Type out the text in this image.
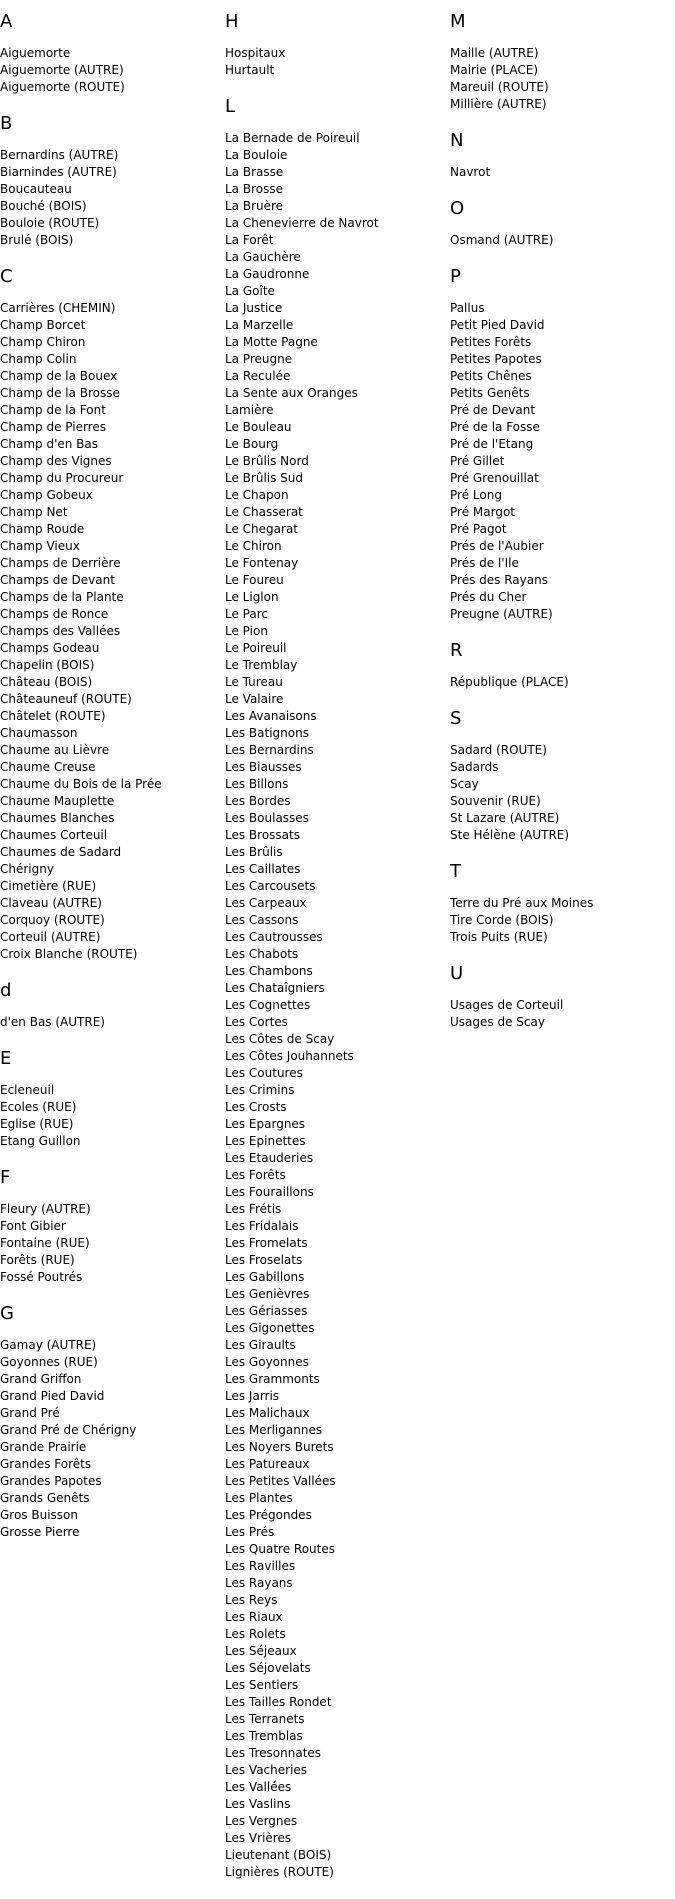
A
Aiguemorte
Aiguemorte (AUTRE)
Aiguemorte (ROUTE)
B
Bernardins (AUTRE)
Biarnindes (AUTRE)
Boucauteau
Bouché (BOIS)
Bouloie (ROUTE)
Brulé (BOIS)
C
Carrières (CHEMIN)
Champ Borcet
Champ Chiron
Champ Colin
Champ de la Bouex
Champ de la Brosse
Champ de la Font
Champ de Pierres
Champ d'en Bas
Champ des Vignes
Champ du Procureur
Champ Gobeux
Champ Net
Champ Roude
Champ Vieux
Champs de Derrière
Champs de Devant
Champs de la Plante
Champs de Ronce
Champs des Vallées
Champs Godeau
Chapelin (BOIS)
Château (BOIS)
Châteauneuf (ROUTE)
Châtelet (ROUTE)
Chaumasson
Chaume au Lièvre
Chaume Creuse
Chaume du Bois de la Prée
Chaume Mauplette
Chaumes Blanches
Chaumes Corteuil
Chaumes de Sadard
Chérigny
Cimetière (RUE)
Claveau (AUTRE)
Corquoy (ROUTE)
Corteuil (AUTRE)
Croix Blanche (ROUTE)
d
d'en Bas (AUTRE)
E
Ecleneuil
Ecoles (RUE)
Eglise (RUE)
Etang Guillon
F
Fleury (AUTRE)
Font Gibier
Fontaine (RUE)
Forêts (RUE)
Fossé Poutrés
G
Gamay (AUTRE)
Goyonnes (RUE)
Grand Griffon
Grand Pied David
Grand Pré
Grand Pré de Chérigny
Grande Prairie
Grandes Forêts
Grandes Papotes
Grands Genêts
Gros Buisson
Grosse Pierre
H
Hospitaux
Hurtault
L
La Bernade de Poireuil
La Bouloie
La Brasse
La Brosse
La Bruère
La Chenevierre de Navrot
La Forêt
La Gauchère
La Gaudronne
La Goîte
La Justice
La Marzelle
La Motte Pagne
La Preugne
La Reculée
La Sente aux Oranges
Lamière
Le Bouleau
Le Bourg
Le Brûlis Nord
Le Brûlis Sud
Le Chapon
Le Chasserat
Le Chegarat
Le Chiron
Le Fontenay
Le Foureu
Le Liglon
Le Parc
Le Pion
Le Poireuil
Le Tremblay
Le Tureau
Le Valaire
Les Avanaisons
Les Batignons
Les Bernardins
Les Biausses
Les Billons
Les Bordes
Les Boulasses
Les Brossats
Les Brûlis
Les Caillates
Les Carcousets
Les Carpeaux
Les Cassons
Les Cautrousses
Les Chabots
Les Chambons
Les Chataîgniers
Les Cognettes
Les Cortes
Les Côtes de Scay
Les Côtes Jouhannets
Les Coutures
Les Crimins
Les Crosts
Les Epargnes
Les Epinettes
Les Etauderies
Les Forêts
Les Fouraillons
Les Frétis
Les Fridalais
Les Fromelats
Les Froselats
Les Gabillons
Les Genièvres
Les Gériasses
Les Gigonettes
Les Giraults
Les Goyonnes
Les Grammonts
Les Jarris
Les Malichaux
Les Merligannes
Les Noyers Burets
Les Patureaux
Les Petites Vallées
Les Plantes
Les Prégondes
Les Prés
Les Quatre Routes
Les Ravilles
Les Rayans
Les Reys
Les Riaux
Les Rolets
Les Séjeaux
Les Séjovelats
Les Sentiers
Les Tailles Rondet
Les Terranets
Les Tremblas
Les Tresonnates
Les Vacheries
Les Vallées
Les Vaslins
Les Vergnes
Les Vrières
Lieutenant (BOIS)
Lignières (ROUTE)
M
Maille (AUTRE)
Mairie (PLACE)
Mareuil (ROUTE)
Millière (AUTRE)
N
Navrot
O
Osmand (AUTRE)
P
Pallus
Petit Pied David
Petites Forêts
Petites Papotes
Petits Chênes
Petits Genêts
Pré de Devant
Pré de la Fosse
Pré de l'Etang
Pré Gillet
Pré Grenouillat
Pré Long
Pré Margot
Pré Pagot
Prés de l'Aubier
Prés de l'Ile
Prés des Rayans
Prés du Cher
Preugne (AUTRE)
R
République (PLACE)
S
Sadard (ROUTE)
Sadards
Scay
Souvenir (RUE)
St Lazare (AUTRE)
Ste Hélène (AUTRE)
T
Terre du Pré aux Moines
Tire Corde (BOIS)
Trois Puits (RUE)
U
Usages de Corteuil
Usages de Scay
